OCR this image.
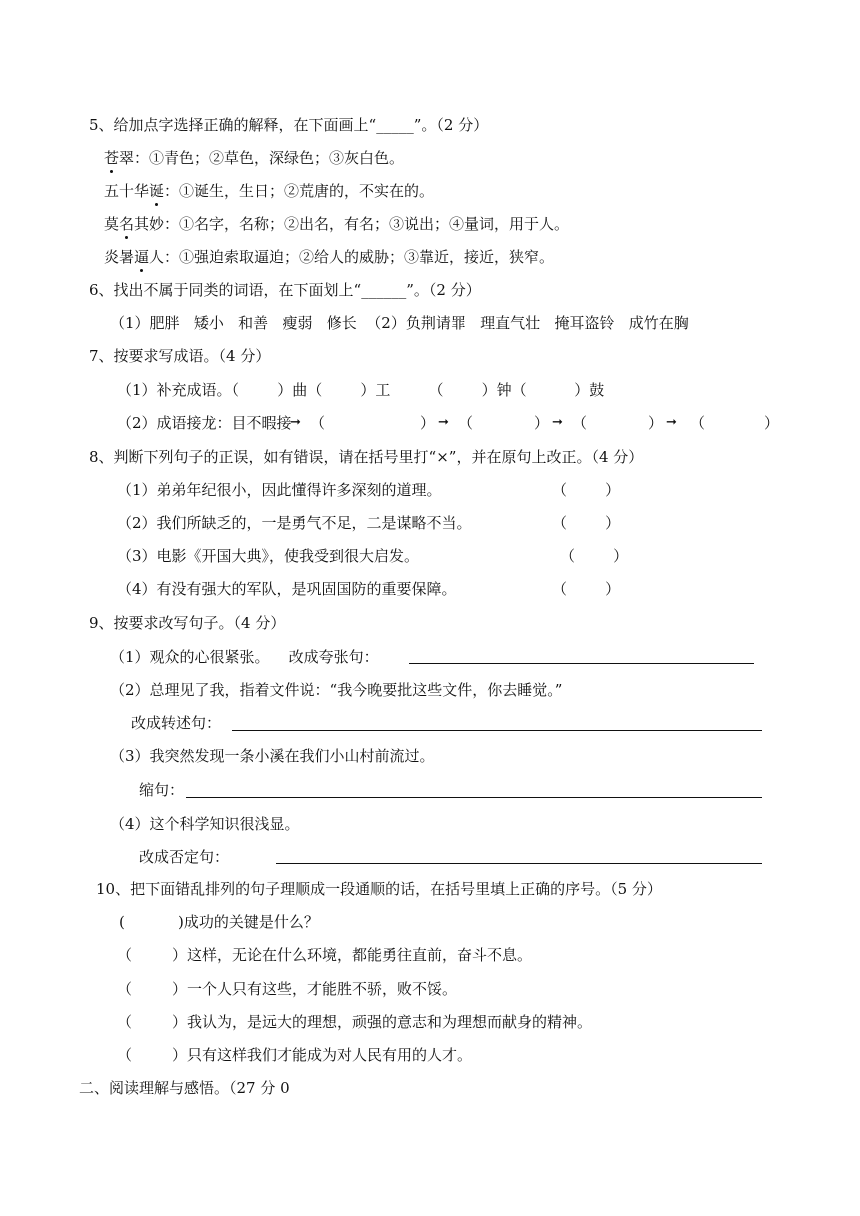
5、给加点字选择正确的解释，在下面画上“_____”。（2 分）
苍翠：①青色；②草色，深绿色；③灰白色。
五十华诞：①诞生，生日；②荒唐的，不实在的。
莫名其妙：①名字，名称；②出名，有名；③说出；④量词，用于人。
炎暑逼人：①强迫索取逼迫；②给人的威胁；③靠近，接近，狭窄。
6、找出不属于同类的词语，在下面划上“______”。（2 分）
（1）肥胖   矮小   和善   瘦弱   修长  （2）负荆请罪   理直气壮   掩耳盗铃   成竹在胸
7、按要求写成语。（4 分）
（1）补充成语。（        ）曲（        ）工        （        ）钟（          ）鼓
（2）成语接龙：目不暇接
➞ （	） ➞ （	） ➞ （	） ➞ （	）
8、判断下列句子的正误，如有错误，请在括号里打“×”，并在原句上改正。（4 分）
（1）弟弟年纪很小，因此懂得许多深刻的道理。	（        ）
（2）我们所缺乏的，一是勇气不足，二是谋略不当。	（        ）
（3）电影《开国大典》，使我受到很大启发。	（        ）
（4）有没有强大的军队，是巩固国防的重要保障。	（        ）
9、按要求改写句子。（4 分）
（1）观众的心很紧张。    改成夸张句：
（2）总理见了我，指着文件说：“我今晚要批这些文件，你去睡觉。”
改成转述句：
（3）我突然发现一条小溪在我们小山村前流过。
缩句：
（4）这个科学知识很浅显。
改成否定句：
10、把下面错乱排列的句子理顺成一段通顺的话，在括号里填上正确的序号。（5 分）
(	)成功的关键是什么？
（	）这样，无论在什么环境，都能勇往直前，奋斗不息。
（	）一个人只有这些，才能胜不骄，败不馁。
（	）我认为，是远大的理想，顽强的意志和为理想而献身的精神。
（	）只有这样我们才能成为对人民有用的人才。
二、阅读理解与感悟。（27 分 0
